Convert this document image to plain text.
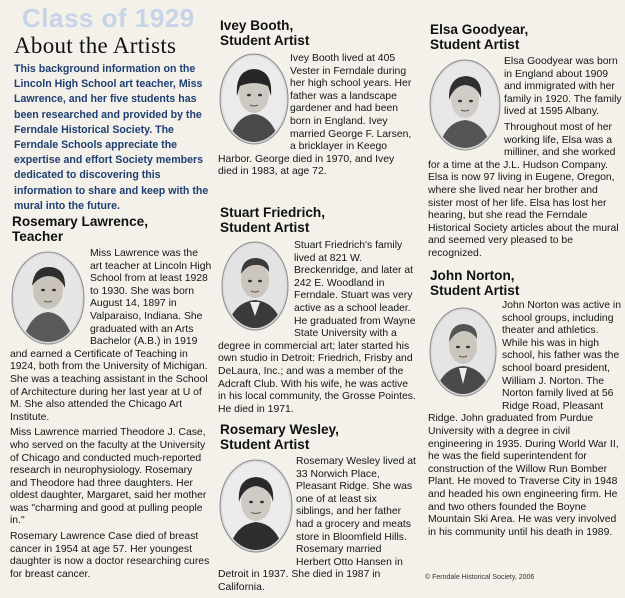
Class of 1929
About the Artists

This background information on the Lincoln High School art teacher, Miss Lawrence, and her five students has been researched and provided by the Ferndale Historical Society. The Ferndale Schools appreciate the expertise and effort Society members dedicated to discovering this information to share and keep with the mural into the future.

Rosemary Lawrence,
Teacher

Miss Lawrence was the art teacher at Lincoln High School from at least 1928 to 1930. She was born August 14, 1897 in Valparaiso, Indiana. She graduated with an Arts Bachelor (A.B.) in 1919 and earned a Certificate of Teaching in 1924, both from the University of Michigan. She was a teaching assistant in the School of Architecture during her last year at U of M. She also attended the Chicago Art Institute.

Miss Lawrence married Theodore J. Case, who served on the faculty at the University of Chicago and conducted much-reported research in neurophysiology. Rosemary and Theodore had three daughters. Her oldest daughter, Margaret, said her mother was "charming and good at pulling people in."

Rosemary Lawrence Case died of breast cancer in 1954 at age 57. Her youngest daughter is now a doctor researching cures for breast cancer.

Ivey Booth,
Student Artist

Ivey Booth lived at 405 Vester in Ferndale during her high school years. Her father was a landscape gardener and had been born in England. Ivey married George F. Larsen, a bricklayer in Keego Harbor. George died in 1970, and Ivey died in 1983, at age 72.

Stuart Friedrich,
Student Artist

Stuart Friedrich's family lived at 821 W. Breckenridge, and later at 242 E. Woodland in Ferndale. Stuart was very active as a school leader. He graduated from Wayne State University with a degree in commercial art; later started his own studio in Detroit: Friedrich, Frisby and DeLaura, Inc.; and was a member of the Adcraft Club. With his wife, he was active in his local community, the Grosse Pointes. He died in 1971.

Rosemary Wesley,
Student Artist

Rosemary Wesley lived at 33 Norwich Place, Pleasant Ridge. She was one of at least six siblings, and her father had a grocery and meats store in Bloomfield Hills. Rosemary married Herbert Otto Hansen in Detroit in 1937. She died in 1987 in California.

Elsa Goodyear,
Student Artist

Elsa Goodyear was born in England about 1909 and immigrated with her family in 1920. The family lived at 1595 Albany.

Throughout most of her working life, Elsa was a milliner, and she worked for a time at the J.L. Hudson Company. Elsa is now 97 living in Eugene, Oregon, where she lived near her brother and sister most of her life. Elsa has lost her hearing, but she read the Ferndale Historical Society articles about the mural and seemed very pleased to be recognized.

John Norton,
Student Artist

John Norton was active in school groups, including theater and athletics. While his was in high school, his father was the school board president, William J. Norton. The Norton family lived at 56 Ridge Road, Pleasant Ridge. John graduated from Purdue University with a degree in civil engineering in 1935. During World War II, he was the field superintendent for construction of the Willow Run Bomber Plant. He moved to Traverse City in 1948 and headed his own engineering firm. He and two others founded the Boyne Mountain Ski Area. He was very involved in his community until his death in 1989.

© Ferndale Historical Society, 2006
